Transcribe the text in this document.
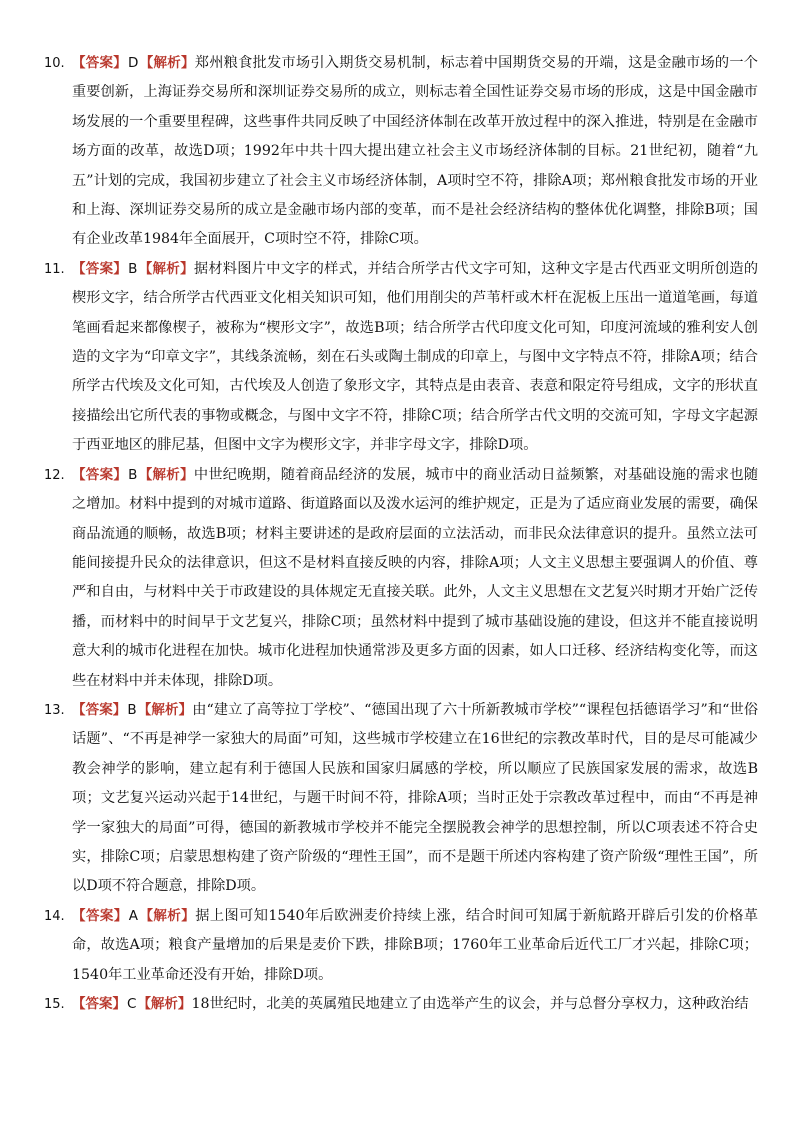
10. 【答案】D【解析】郑州粮食批发市场引入期货交易机制，标志着中国期货交易的开端，这是金融市场的一个重要创新，上海证券交易所和深圳证券交易所的成立，则标志着全国性证券交易市场的形成，这是中国金融市场发展的一个重要里程碑，这些事件共同反映了中国经济体制在改革开放过程中的深入推进，特别是在金融市场方面的改革，故选D项；1992年中共十四大提出建立社会主义市场经济体制的目标。21世纪初，随着“九五”计划的完成，我国初步建立了社会主义市场经济体制，A项时空不符，排除A项；郑州粮食批发市场的开业和上海、深圳证券交易所的成立是金融市场内部的变革，而不是社会经济结构的整体优化调整，排除B项；国有企业改革1984年全面展开，C项时空不符，排除C项。
11. 【答案】B【解析】据材料图片中文字的样式，并结合所学古代文字可知，这种文字是古代西亚文明所创造的楔形文字，结合所学古代西亚文化相关知识可知，他们用削尖的芦苇杆或木杆在泥板上压出一道道笔画，每道笔画看起来都像楔子，被称为“楔形文字”，故选B项；结合所学古代印度文化可知，印度河流域的雅利安人创造的文字为“印章文字”，其线条流畅，刻在石头或陶土制成的印章上，与图中文字特点不符，排除A项；结合所学古代埃及文化可知，古代埃及人创造了象形文字，其特点是由表音、表意和限定符号组成，文字的形状直接描绘出它所代表的事物或概念，与图中文字不符，排除C项；结合所学古代文明的交流可知，字母文字起源于西亚地区的腓尼基，但图中文字为楔形文字，并非字母文字，排除D项。
12. 【答案】B【解析】中世纪晚期，随着商品经济的发展，城市中的商业活动日益频繁，对基础设施的需求也随之增加。材料中提到的对城市道路、街道路面以及泼水运河的维护规定，正是为了适应商业发展的需要，确保商品流通的顺畅，故选B项；材料主要讲述的是政府层面的立法活动，而非民众法律意识的提升。虽然立法可能间接提升民众的法律意识，但这不是材料直接反映的内容，排除A项；人文主义思想主要强调人的价值、尊严和自由，与材料中关于市政建设的具体规定无直接关联。此外，人文主义思想在文艺复兴时期才开始广泛传播，而材料中的时间早于文艺复兴，排除C项；虽然材料中提到了城市基础设施的建设，但这并不能直接说明意大利的城市化进程在加快。城市化进程加快通常涉及更多方面的因素，如人口迁移、经济结构变化等，而这些在材料中并未体现，排除D项。
13. 【答案】B【解析】由“建立了高等拉丁学校”、“德国出现了六十所新教城市学校”“课程包括德语学习”和“世俗话题”、“不再是神学一家独大的局面”可知，这些城市学校建立在16世纪的宗教改革时代，目的是尽可能减少教会神学的影响，建立起有利于德国人民族和国家归属感的学校，所以顺应了民族国家发展的需求，故选B项；文艺复兴运动兴起于14世纪，与题干时间不符，排除A项；当时正处于宗教改革过程中，而由“不再是神学一家独大的局面”可得，德国的新教城市学校并不能完全摆脱教会神学的思想控制，所以C项表述不符合史实，排除C项；启蒙思想构建了资产阶级的“理性王国”，而不是题干所述内容构建了资产阶级“理性王国”，所以D项不符合题意，排除D项。
14. 【答案】A【解析】据上图可知1540年后欧洲麦价持续上涨，结合时间可知属于新航路开辟后引发的价格革命，故选A项；粮食产量增加的后果是麦价下跌，排除B项；1760年工业革命后近代工厂才兴起，排除C项；1540年工业革命还没有开始，排除D项。
15. 【答案】C【解析】18世纪时，北美的英属殖民地建立了由选举产生的议会，并与总督分享权力，这种政治结
